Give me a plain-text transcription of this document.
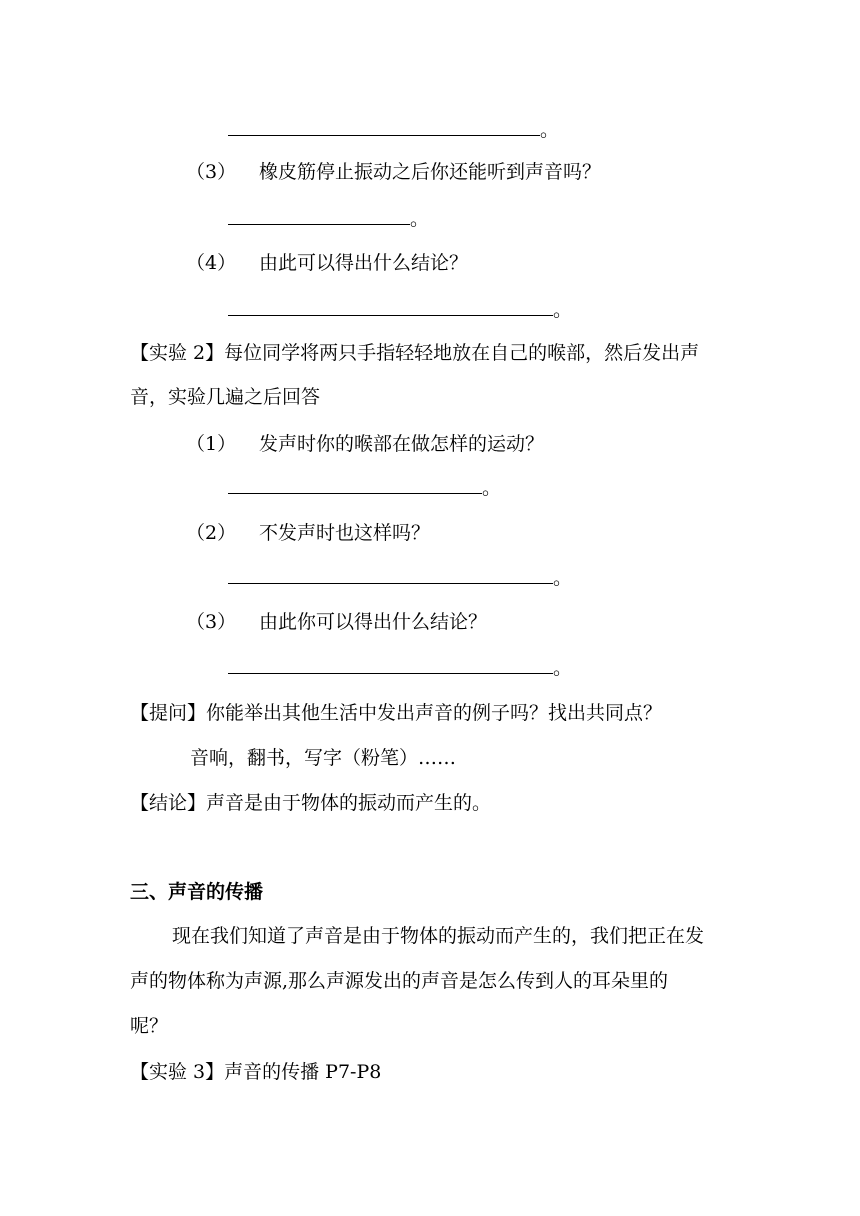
。
（3） 橡皮筋停止振动之后你还能听到声音吗？
。
（4） 由此可以得出什么结论？
。
【实验 2】每位同学将两只手指轻轻地放在自己的喉部，然后发出声
音，实验几遍之后回答
（1） 发声时你的喉部在做怎样的运动？
。
（2） 不发声时也这样吗？
。
（3） 由此你可以得出什么结论？
。
【提问】你能举出其他生活中发出声音的例子吗？找出共同点？
音响，翻书，写字（粉笔）……
【结论】声音是由于物体的振动而产生的。
三、声音的传播
现在我们知道了声音是由于物体的振动而产生的，我们把正在发
声的物体称为声源,那么声源发出的声音是怎么传到人的耳朵里的
呢？
【实验 3】声音的传播 P7-P8
